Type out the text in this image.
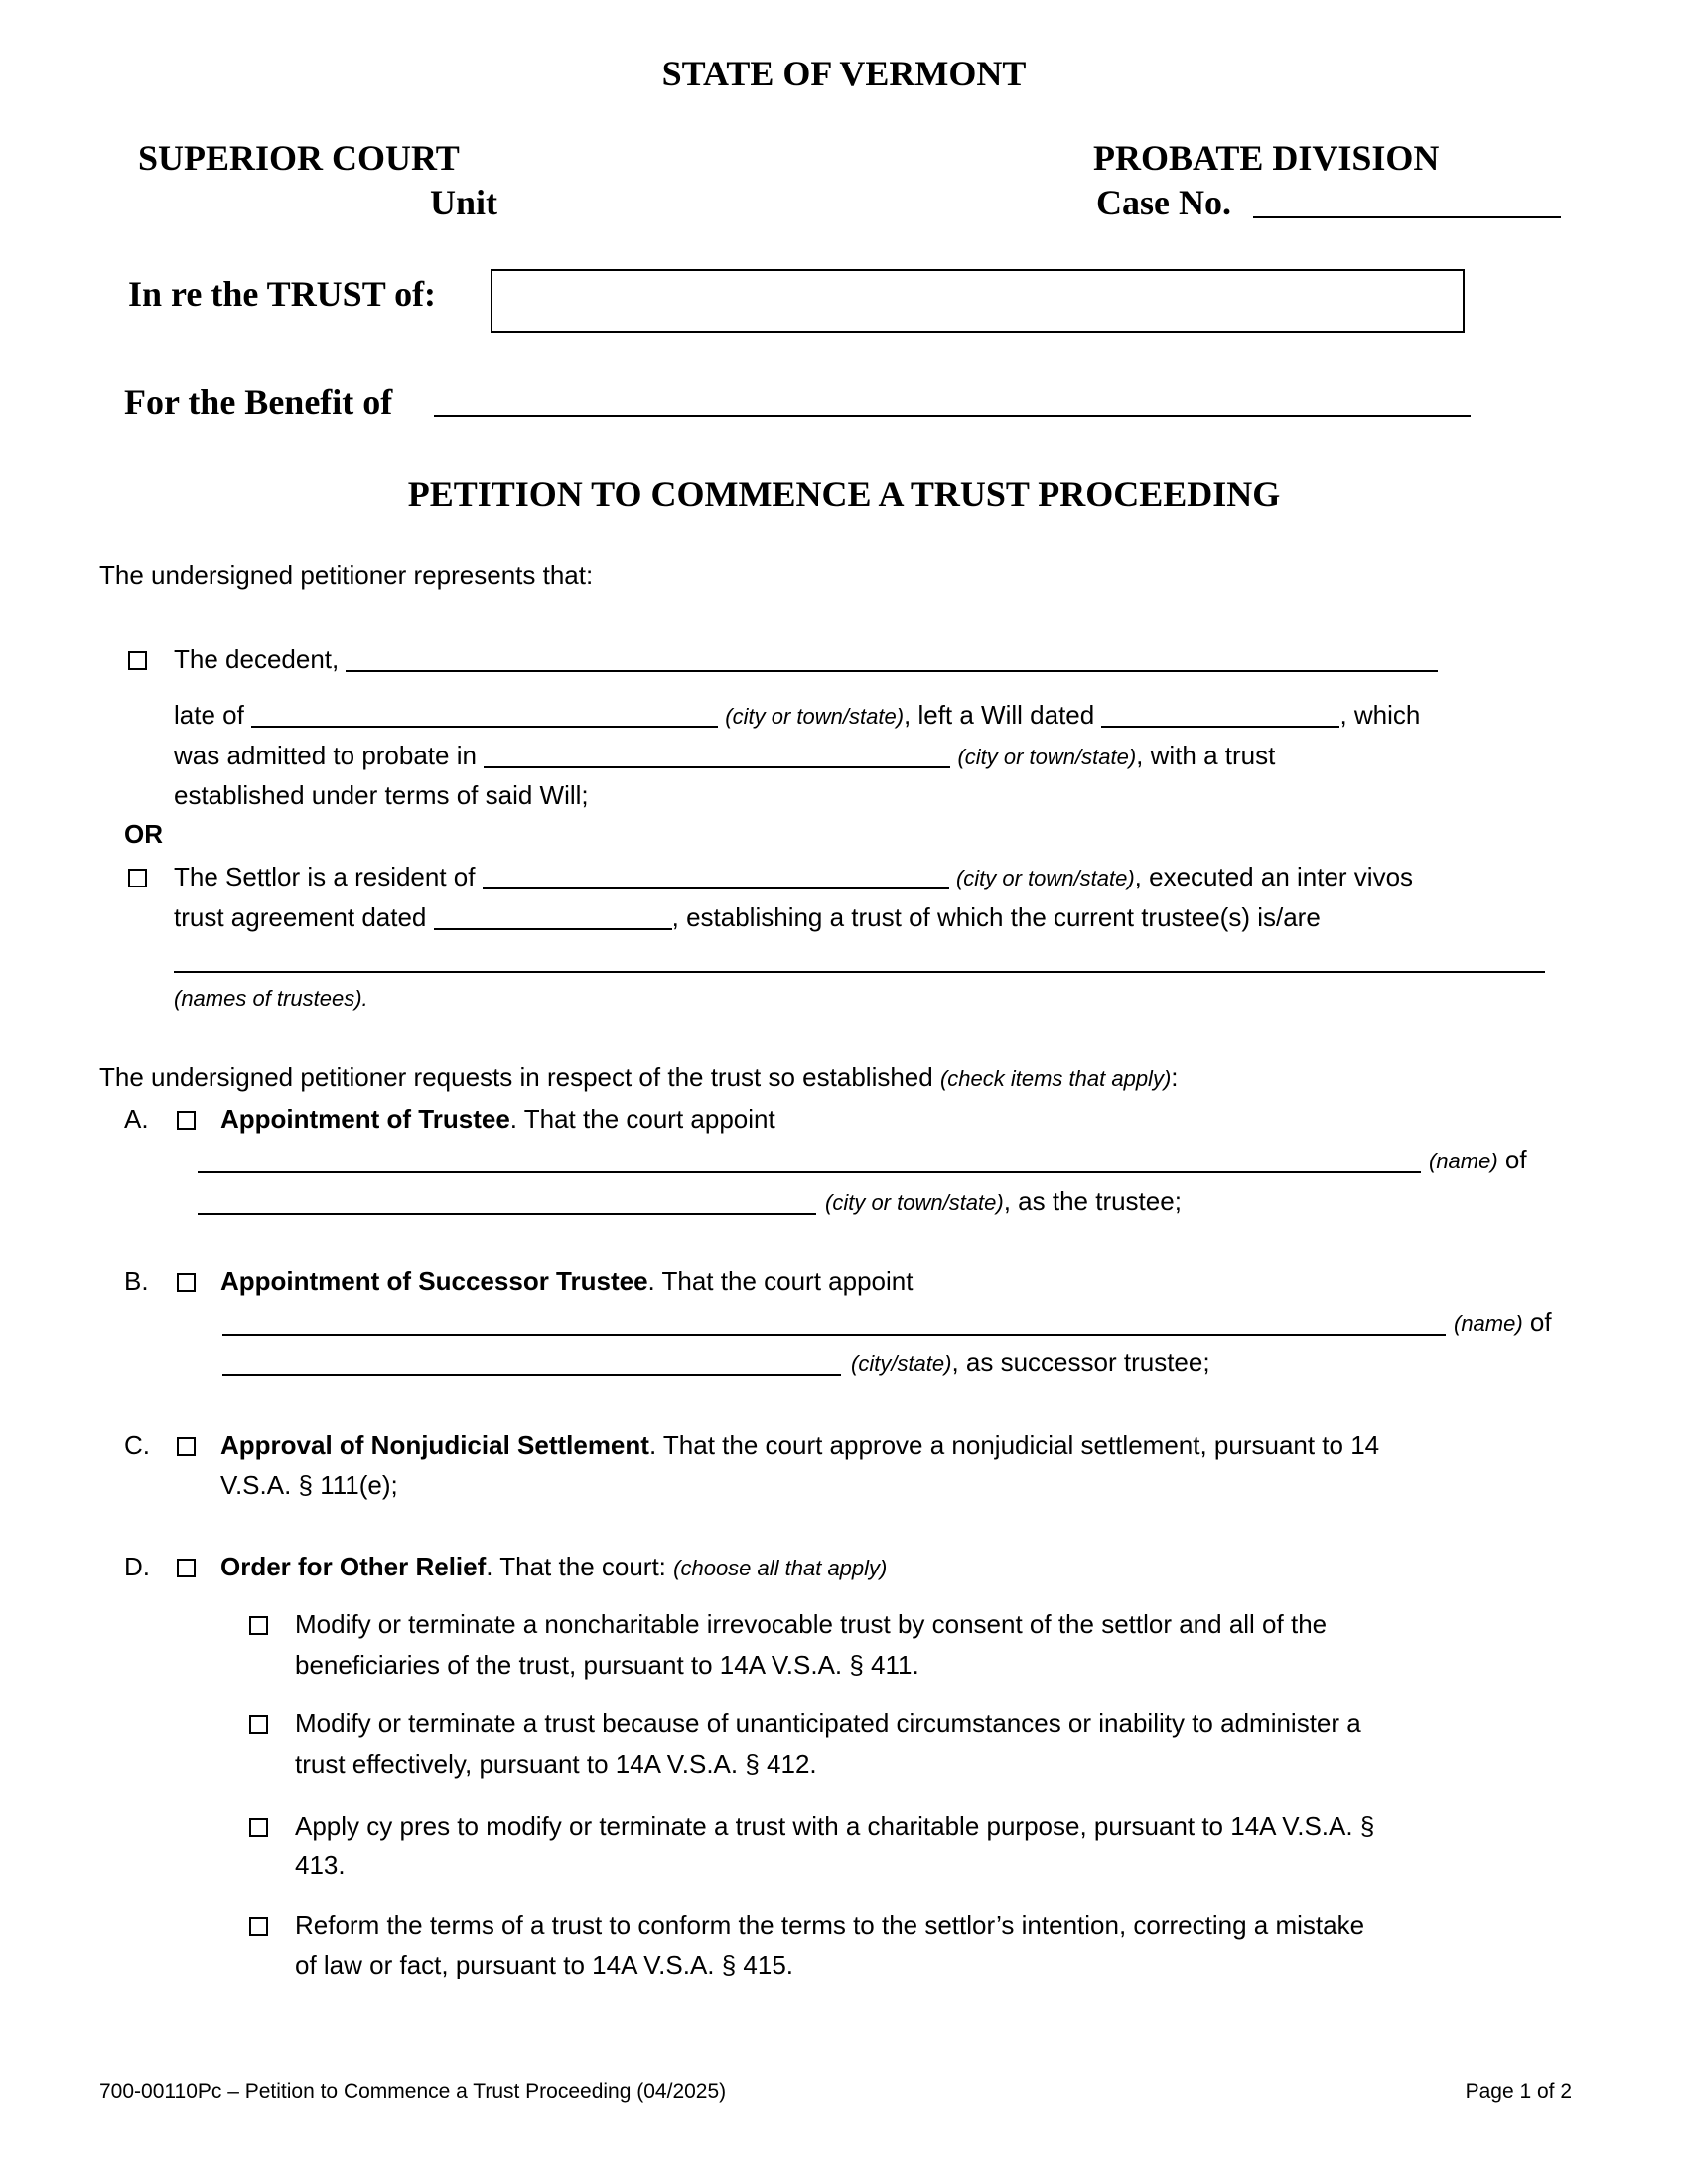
STATE OF VERMONT
SUPERIOR COURT
Unit
PROBATE DIVISION
Case No.
In re the TRUST of:
For the Benefit of
PETITION TO COMMENCE A TRUST PROCEEDING
The undersigned petitioner represents that:
The decedent,
late of	(city or town/state), left a Will dated	, which
was admitted to probate in	(city or town/state), with a trust
established under terms of said Will;
OR
The Settlor is a resident of	(city or town/state), executed an inter vivos
trust agreement dated	, establishing a trust of which the current trustee(s) is/are
(names of trustees).
The undersigned petitioner requests in respect of the trust so established (check items that apply):
A.	Appointment of Trustee. That the court appoint
(name) of
(city or town/state), as the trustee;
B.	Appointment of Successor Trustee. That the court appoint
(name) of
(city/state), as successor trustee;
C.	Approval of Nonjudicial Settlement. That the court approve a nonjudicial settlement, pursuant to 14
V.S.A. § 111(e);
D.	Order for Other Relief. That the court: (choose all that apply)
Modify or terminate a noncharitable irrevocable trust by consent of the settlor and all of the
beneficiaries of the trust, pursuant to 14A V.S.A. § 411.
Modify or terminate a trust because of unanticipated circumstances or inability to administer a
trust effectively, pursuant to 14A V.S.A. § 412.
Apply cy pres to modify or terminate a trust with a charitable purpose, pursuant to 14A V.S.A. §
413.
Reform the terms of a trust to conform the terms to the settlor’s intention, correcting a mistake
of law or fact, pursuant to 14A V.S.A. § 415.
700-00110Pc – Petition to Commence a Trust Proceeding (04/2025)	Page 1 of 2
